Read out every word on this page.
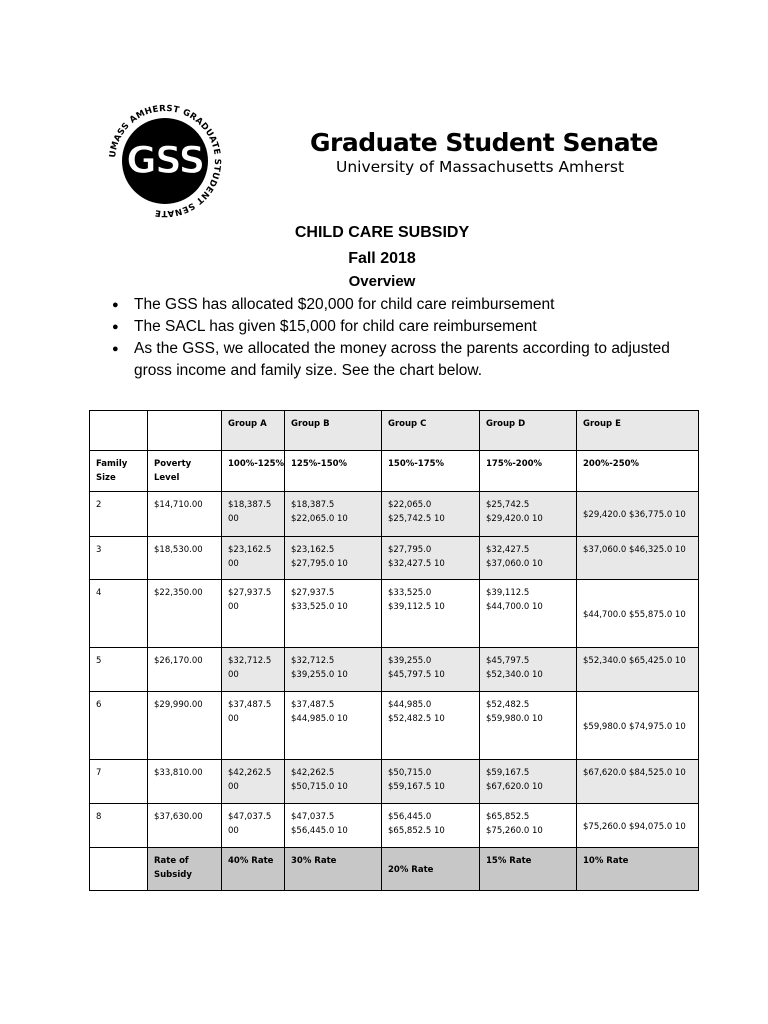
UMASS AMHERST GRADUATE STUDENT SENATE
GSS	Graduate Student Senate
University of Massachusetts Amherst
CHILD CARE SUBSIDY
Fall 2018
Overview
● The GSS has allocated $20,000 for child care reimbursement
● The SACL has given $15,000 for child care reimbursement
● As the GSS, we allocated the money across the parents according to adjusted gross income and family size. See the chart below.
		Group A	Group B	Group C	Group D	Group E
Family Size	Poverty Level	100%-125%	125%-150%	150%-175%	175%-200%	200%-250%
2	$14,710.00	$18,387.5 00	$18,387.5 $22,065.0 10	$22,065.0 $25,742.5 10	$25,742.5 $29,420.0 10	$29,420.0 $36,775.0 10
3	$18,530.00	$23,162.5 00	$23,162.5 $27,795.0 10	$27,795.0 $32,427.5 10	$32,427.5 $37,060.0 10	$37,060.0 $46,325.0 10
4	$22,350.00	$27,937.5 00	$27,937.5 $33,525.0 10	$33,525.0 $39,112.5 10	$39,112.5 $44,700.0 10	$44,700.0 $55,875.0 10
5	$26,170.00	$32,712.5 00	$32,712.5 $39,255.0 10	$39,255.0 $45,797.5 10	$45,797.5 $52,340.0 10	$52,340.0 $65,425.0 10
6	$29,990.00	$37,487.5 00	$37,487.5 $44,985.0 10	$44,985.0 $52,482.5 10	$52,482.5 $59,980.0 10	$59,980.0 $74,975.0 10
7	$33,810.00	$42,262.5 00	$42,262.5 $50,715.0 10	$50,715.0 $59,167.5 10	$59,167.5 $67,620.0 10	$67,620.0 $84,525.0 10
8	$37,630.00	$47,037.5 00	$47,037.5 $56,445.0 10	$56,445.0 $65,852.5 10	$65,852.5 $75,260.0 10	$75,260.0 $94,075.0 10
	Rate of Subsidy	40% Rate	30% Rate	20% Rate	15% Rate	10% Rate
